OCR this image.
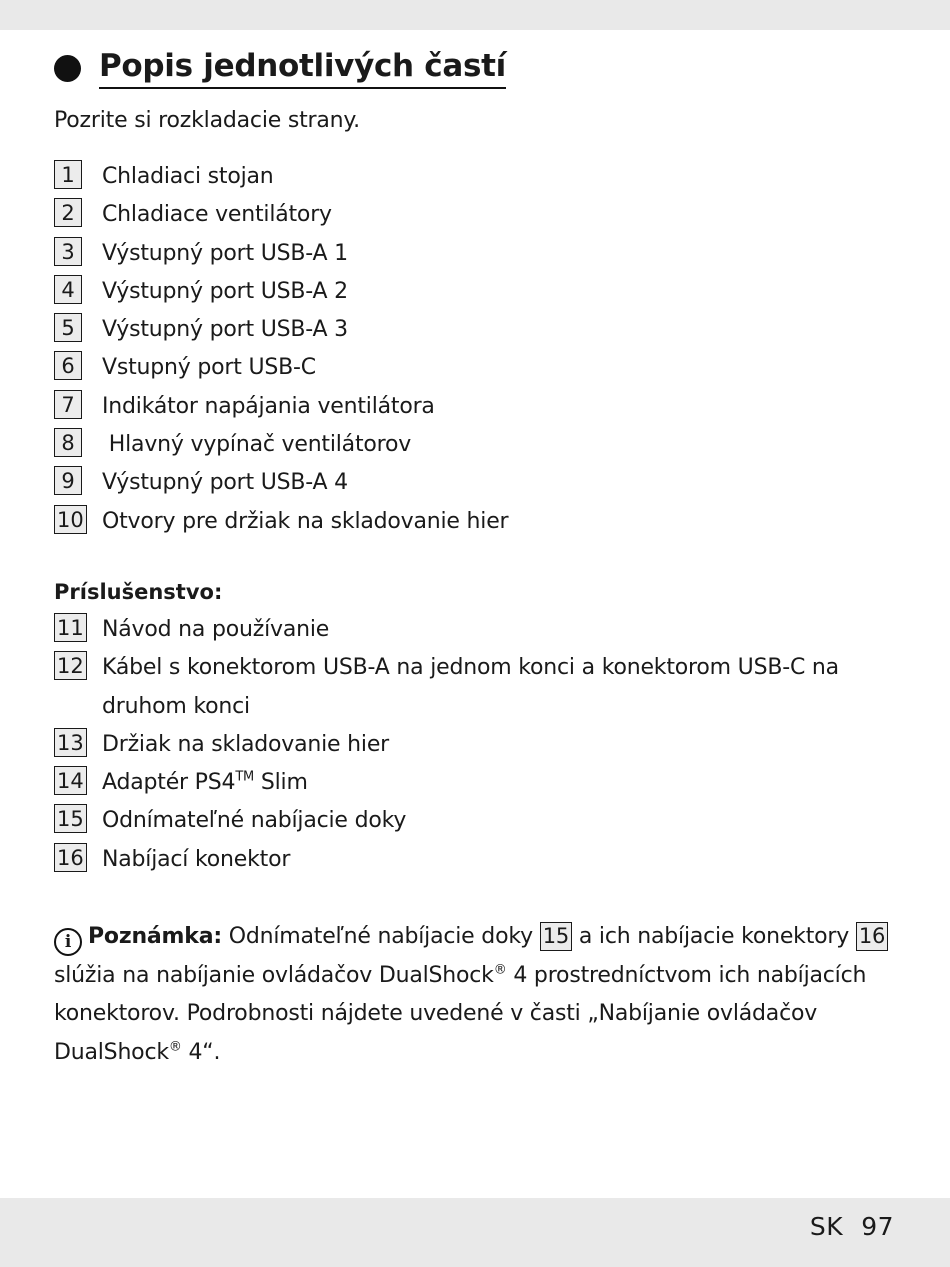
Popis jednotlivých častí
Pozrite si rozkladacie strany.
1	Chladiaci stojan
2	Chladiace ventilátory
3	Výstupný port USB-A 1
4	Výstupný port USB-A 2
5	Výstupný port USB-A 3
6	Vstupný port USB-C
7	Indikátor napájania ventilátora
8	Hlavný vypínač ventilátorov
9	Výstupný port USB-A 4
10 Otvory pre držiak na skladovanie hier
Príslušenstvo:
11 Návod na používanie
12 Kábel s konektorom USB-A na jednom konci a konektorom USB-C na druhom konci
13 Držiak na skladovanie hier
14 Adaptér PS4™ Slim
15 Odnímateľné nabíjacie doky
16 Nabíjací konektor
i Poznámka: Odnímateľné nabíjacie doky 15 a ich nabíjacie konektory 16 slúžia na nabíjanie ovládačov DualShock® 4 prostredníctvom ich nabíjacích konektorov. Podrobnosti nájdete uvedené v časti „Nabíjanie ovládačov DualShock® 4“.
SK 97
